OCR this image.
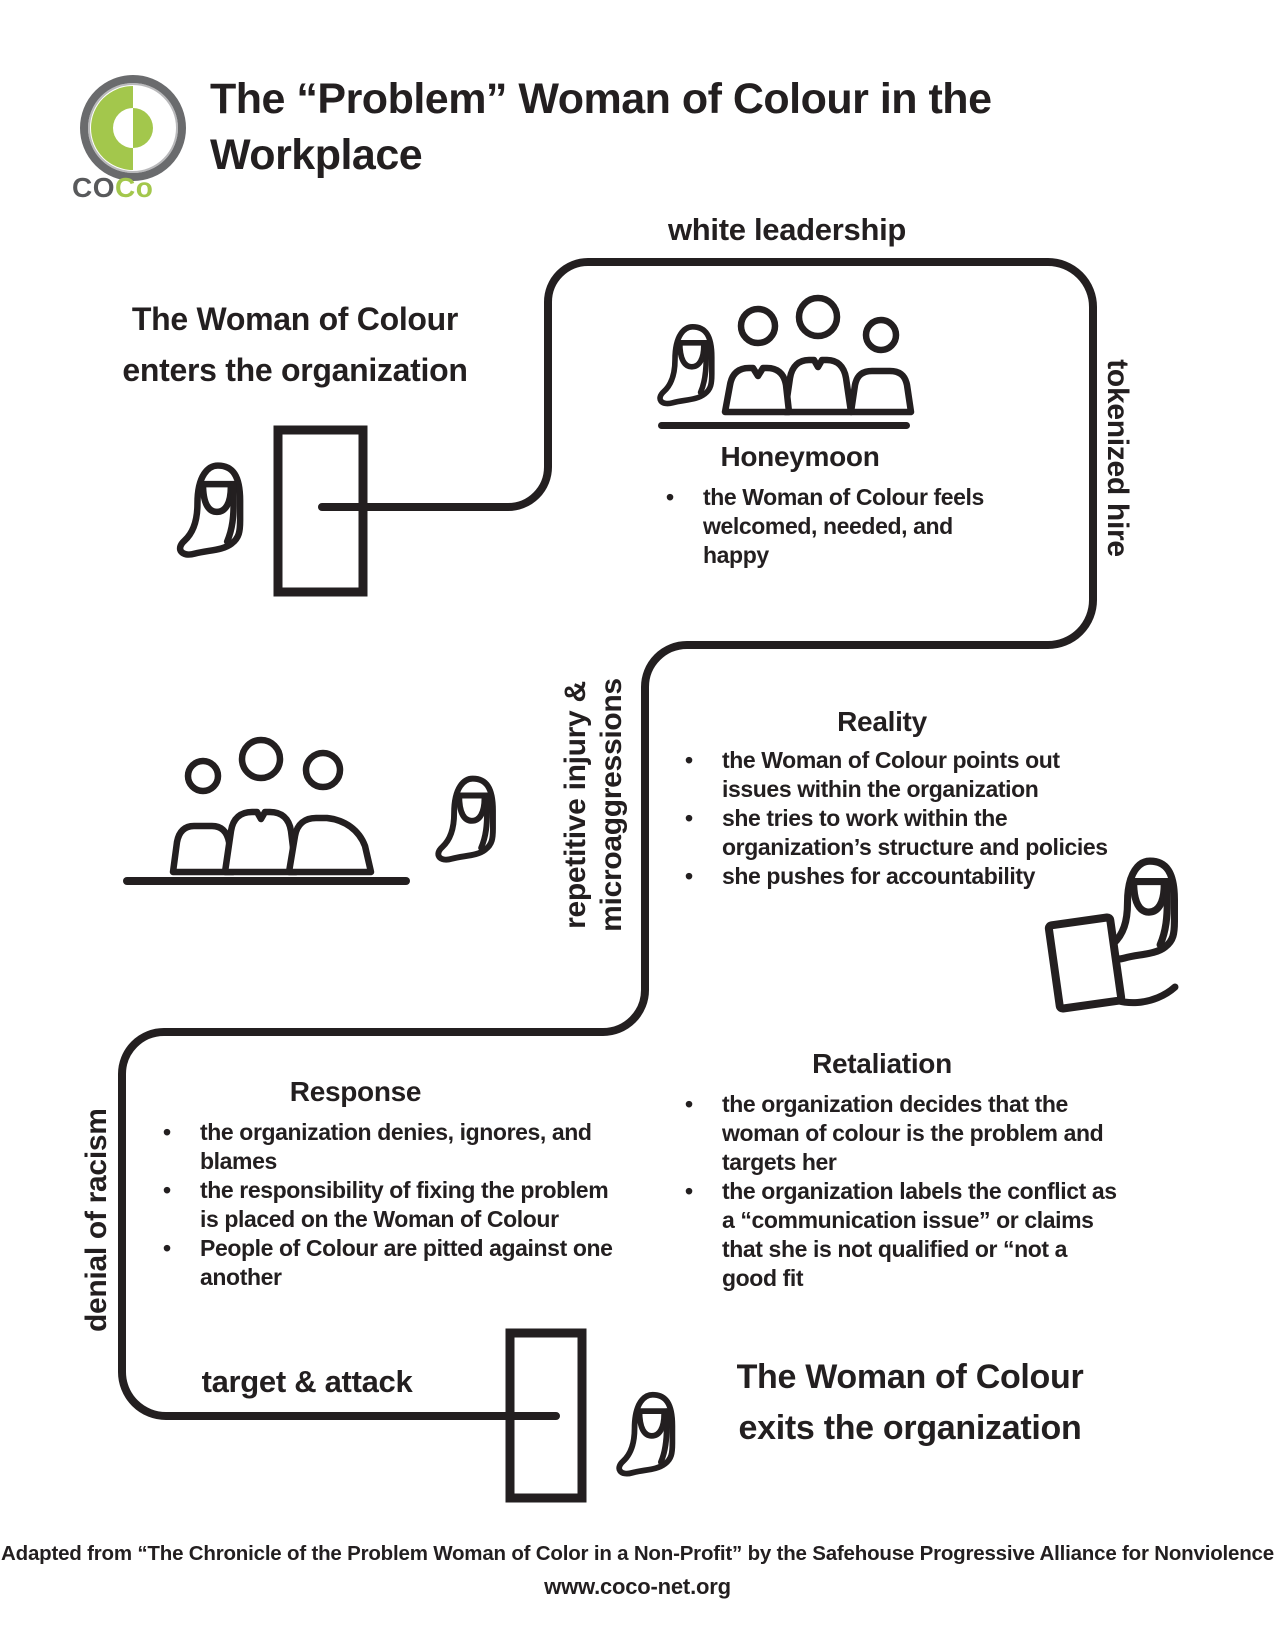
COCo
The “Problem” Woman of Colour in the Workplace
white leadership
tokenized hire
repetitive injury & microaggressions
denial of racism
target & attack
The Woman of Colour
enters the organization
Honeymoon
• the Woman of Colour feels welcomed, needed, and happy
Reality
• the Woman of Colour points out issues within the organization
• she tries to work within the organization’s structure and policies
• she pushes for accountability
Retaliation
• the organization decides that the woman of colour is the problem and targets her
• the organization labels the conflict as a “communication issue” or claims that she is not qualified or “not a good fit
Response
• the organization denies, ignores, and blames
• the responsibility of fixing the problem is placed on the Woman of Colour
• People of Colour are pitted against one another
The Woman of Colour
exits the organization
Adapted from “The Chronicle of the Problem Woman of Color in a Non-Profit” by the Safehouse Progressive Alliance for Nonviolence
www.coco-net.org
